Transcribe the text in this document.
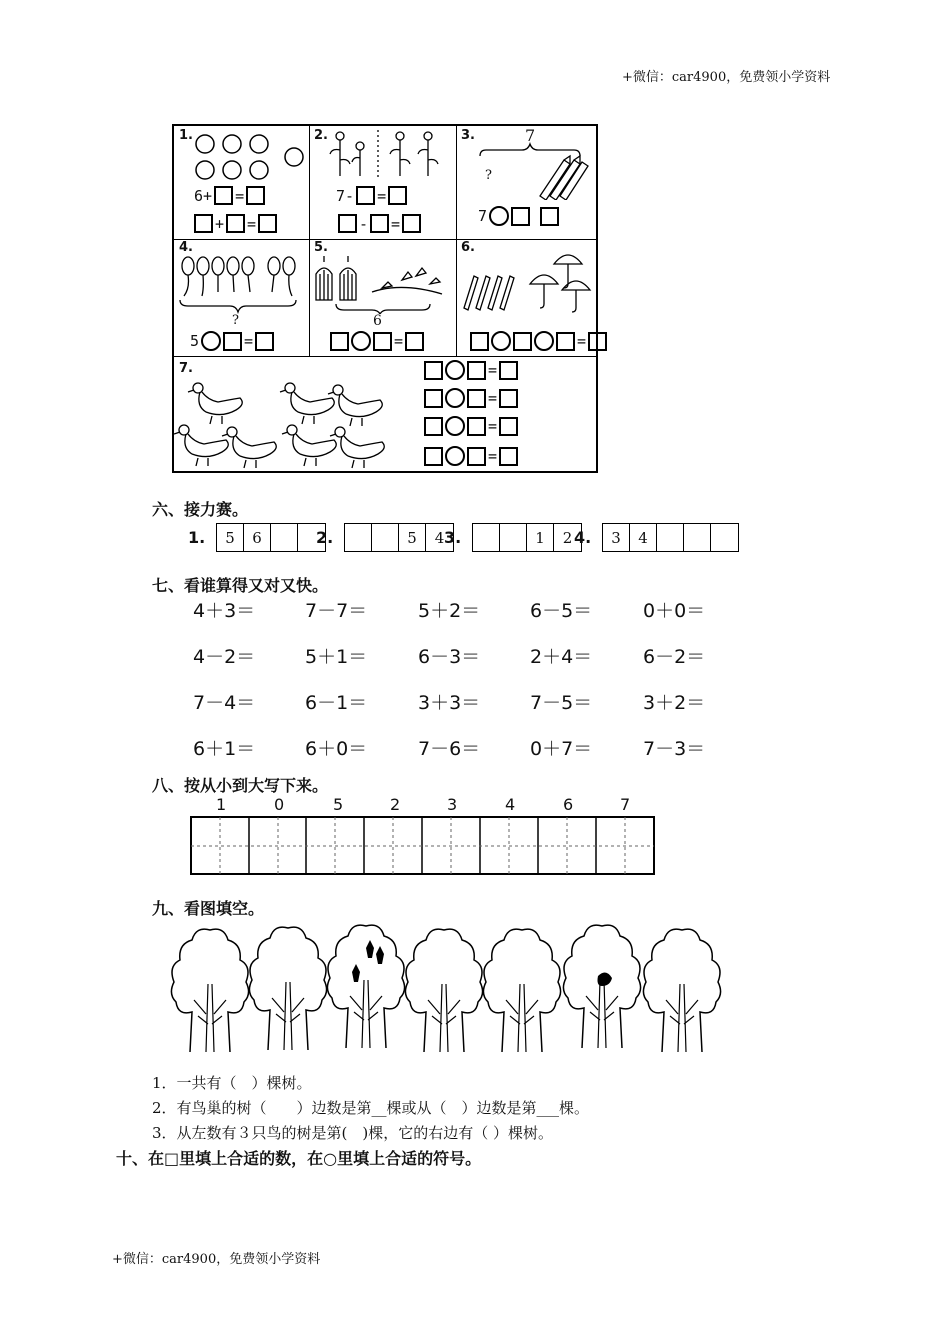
+微信：car4900，免费领小学资料
+微信：car4900，免费领小学资料
1.
6+ =
+ =
2.
7- =
- =
3.	7
?
7
4.
?
5	=
5.
6
=
6.
=
7.	=
=
=
=
六、接力赛。
1.	5	6	2.	5	4 3.	1	2 4.	3	4
七、看谁算得又对又快。
4＋3＝	7－7＝	5＋2＝	6－5＝	0＋0＝
4－2＝	5＋1＝	6－3＝	2＋4＝	6－2＝
7－4＝	6－1＝	3＋3＝	7－5＝	3＋2＝
6＋1＝	6＋0＝	7－6＝	0＋7＝	7－3＝
八、按从小到大写下来。
1	0	5	2	3	4	6	7
九、看图填空。
1．一共有（　）棵树。
2．有鸟巢的树（　　）边数是第__棵或从（　）边数是第___棵。
3．从左数有３只鸟的树是第(　)棵，它的右边有（ ）棵树。
十、在□里填上合适的数，在○里填上合适的符号。
